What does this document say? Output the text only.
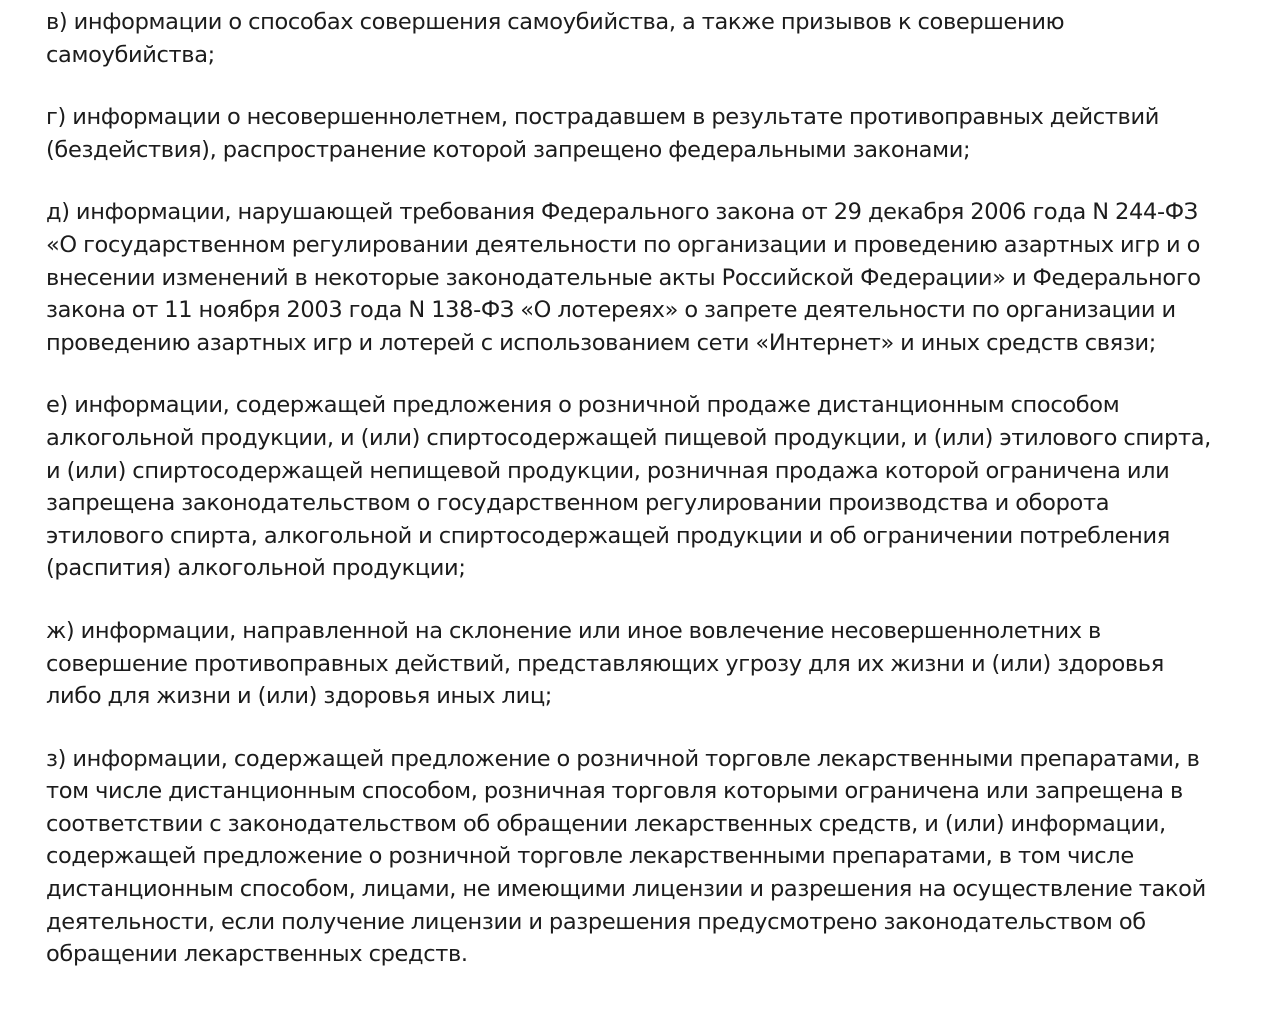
в) информации о способах совершения самоубийства, а также призывов к совершению
самоубийства;

г) информации о несовершеннолетнем, пострадавшем в результате противоправных действий
(бездействия), распространение которой запрещено федеральными законами;

д) информации, нарушающей требования Федерального закона от 29 декабря 2006 года N 244-ФЗ
«О государственном регулировании деятельности по организации и проведению азартных игр и о
внесении изменений в некоторые законодательные акты Российской Федерации» и Федерального
закона от 11 ноября 2003 года N 138-ФЗ «О лотереях» о запрете деятельности по организации и
проведению азартных игр и лотерей с использованием сети «Интернет» и иных средств связи;

е) информации, содержащей предложения о розничной продаже дистанционным способом
алкогольной продукции, и (или) спиртосодержащей пищевой продукции, и (или) этилового спирта,
и (или) спиртосодержащей непищевой продукции, розничная продажа которой ограничена или
запрещена законодательством о государственном регулировании производства и оборота
этилового спирта, алкогольной и спиртосодержащей продукции и об ограничении потребления
(распития) алкогольной продукции;

ж) информации, направленной на склонение или иное вовлечение несовершеннолетних в
совершение противоправных действий, представляющих угрозу для их жизни и (или) здоровья
либо для жизни и (или) здоровья иных лиц;

з) информации, содержащей предложение о розничной торговле лекарственными препаратами, в
том числе дистанционным способом, розничная торговля которыми ограничена или запрещена в
соответствии с законодательством об обращении лекарственных средств, и (или) информации,
содержащей предложение о розничной торговле лекарственными препаратами, в том числе
дистанционным способом, лицами, не имеющими лицензии и разрешения на осуществление такой
деятельности, если получение лицензии и разрешения предусмотрено законодательством об
обращении лекарственных средств.
